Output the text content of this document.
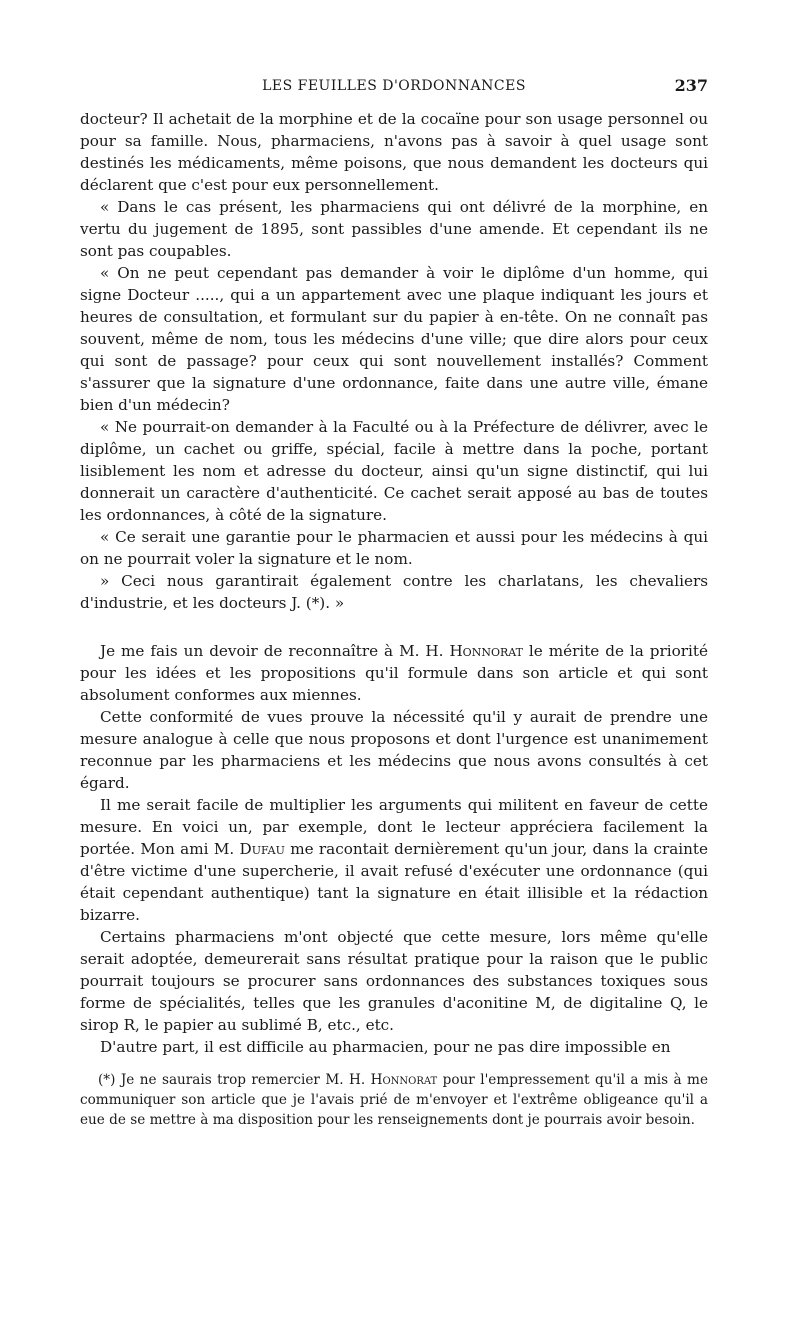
LES FEUILLES D'ORDONNANCES	237

docteur? Il achetait de la morphine et de la cocaïne pour son usage personnel ou pour sa famille. Nous, pharmaciens, n'avons pas à savoir à quel usage sont destinés les médicaments, même poisons, que nous demandent les docteurs qui déclarent que c'est pour eux personnellement.

« Dans le cas présent, les pharmaciens qui ont délivré de la morphine, en vertu du jugement de 1895, sont passibles d'une amende. Et cependant ils ne sont pas coupables.

« On ne peut cependant pas demander à voir le diplôme d'un homme, qui signe Docteur ....., qui a un appartement avec une plaque indiquant les jours et heures de consultation, et formulant sur du papier à en-tête. On ne connaît pas souvent, même de nom, tous les médecins d'une ville; que dire alors pour ceux qui sont de passage? pour ceux qui sont nouvellement installés? Comment s'assurer que la signature d'une ordonnance, faite dans une autre ville, émane bien d'un médecin?

« Ne pourrait-on demander à la Faculté ou à la Préfecture de délivrer, avec le diplôme, un cachet ou griffe, spécial, facile à mettre dans la poche, portant lisiblement les nom et adresse du docteur, ainsi qu'un signe distinctif, qui lui donnerait un caractère d'authenticité. Ce cachet serait apposé au bas de toutes les ordonnances, à côté de la signature.

« Ce serait une garantie pour le pharmacien et aussi pour les médecins à qui on ne pourrait voler la signature et le nom.

» Ceci nous garantirait également contre les charlatans, les chevaliers d'industrie, et les docteurs J. (*). »

Je me fais un devoir de reconnaître à M. H. Honnorat le mérite de la priorité pour les idées et les propositions qu'il formule dans son article et qui sont absolument conformes aux miennes.

Cette conformité de vues prouve la nécessité qu'il y aurait de prendre une mesure analogue à celle que nous proposons et dont l'urgence est unanimement reconnue par les pharmaciens et les médecins que nous avons consultés à cet égard.

Il me serait facile de multiplier les arguments qui militent en faveur de cette mesure. En voici un, par exemple, dont le lecteur appréciera facilement la portée. Mon ami M. Dufau me racontait dernièrement qu'un jour, dans la crainte d'être victime d'une supercherie, il avait refusé d'exécuter une ordonnance (qui était cependant authentique) tant la signature en était illisible et la rédaction bizarre.

Certains pharmaciens m'ont objecté que cette mesure, lors même qu'elle serait adoptée, demeurerait sans résultat pratique pour la raison que le public pourrait toujours se procurer sans ordonnances des substances toxiques sous forme de spécialités, telles que les granules d'aconitine M, de digitaline Q, le sirop R, le papier au sublimé B, etc., etc.

D'autre part, il est difficile au pharmacien, pour ne pas dire impossible en

(*) Je ne saurais trop remercier M. H. Honnorat pour l'empressement qu'il a mis à me communiquer son article que je l'avais prié de m'envoyer et l'extrême obligeance qu'il a eue de se mettre à ma disposition pour les renseignements dont je pourrais avoir besoin.
